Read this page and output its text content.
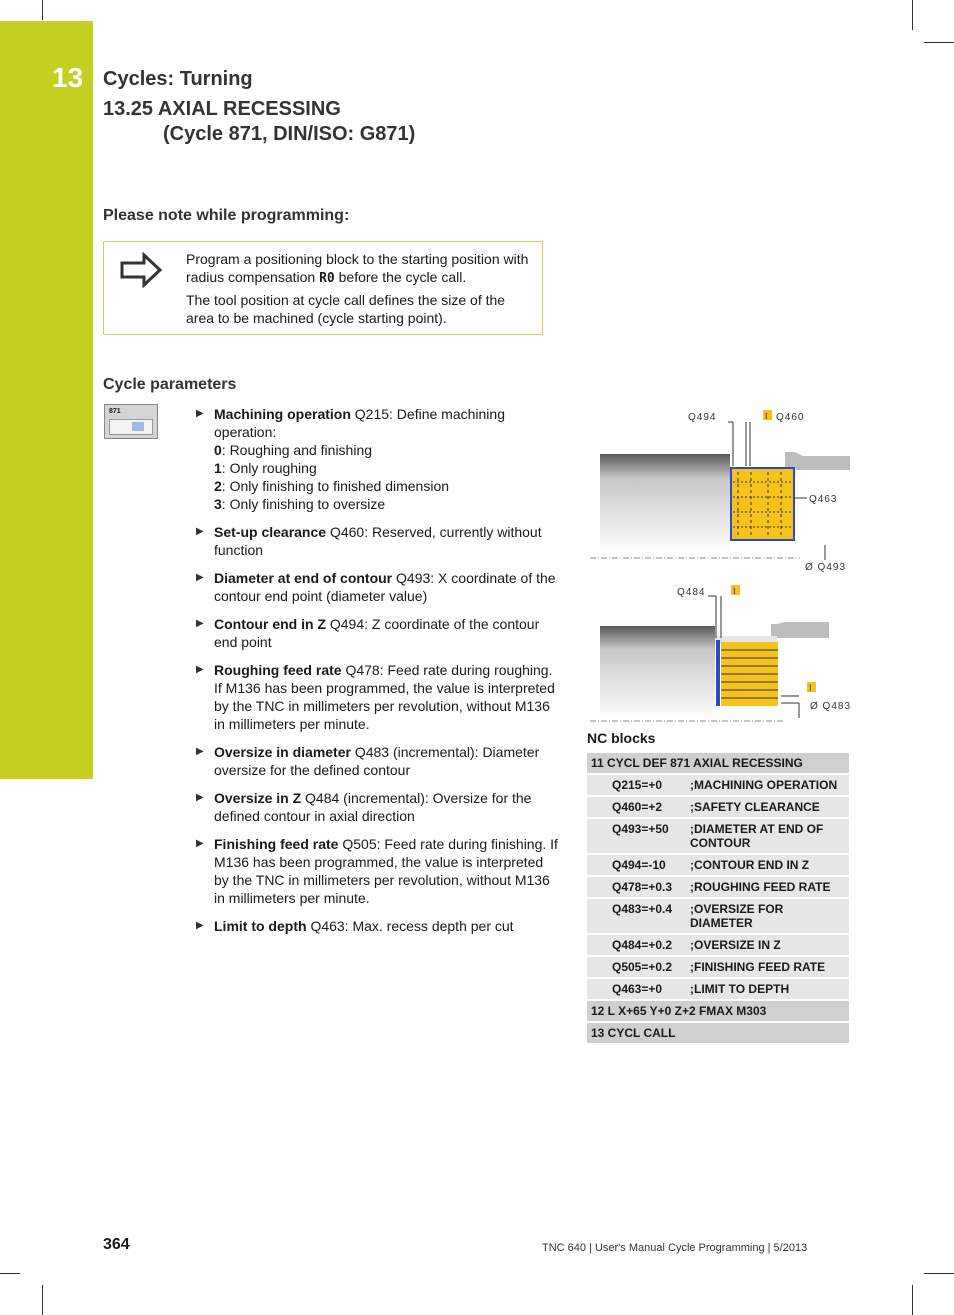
13 Cycles: Turning
13.25 AXIAL RECESSING
(Cycle 871, DIN/ISO: G871)
Please note while programming:

Program a positioning block to the starting position with radius compensation R0 before the cycle call.

The tool position at cycle call defines the size of the area to be machined (cycle starting point).

Cycle parameters
871	▶ Machining operation Q215: Define machining operation:
0: Roughing and finishing
1: Only roughing
2: Only finishing to finished dimension
3: Only finishing to oversize
▶ Set-up clearance Q460: Reserved, currently without function
▶ Diameter at end of contour Q493: X coordinate of the contour end point (diameter value)
▶ Contour end in Z Q494: Z coordinate of the contour end point
▶ Roughing feed rate Q478: Feed rate during roughing. If M136 has been programmed, the value is interpreted by the TNC in millimeters per revolution, without M136 in millimeters per minute.
▶ Oversize in diameter Q483 (incremental): Diameter oversize for the defined contour
▶ Oversize in Z Q484 (incremental): Oversize for the defined contour in axial direction
▶ Finishing feed rate Q505: Feed rate during finishing. If M136 has been programmed, the value is interpreted by the TNC in millimeters per revolution, without M136 in millimeters per minute.
▶ Limit to depth Q463: Max. recess depth per cut
Q494	I Q460
Q463
Ø Q493
Q484	I
I
Ø Q483
NC blocks
11 CYCL DEF 871 AXIAL RECESSING	
Q215=+0	;MACHINING OPERATION
Q460=+2	;SAFETY CLEARANCE
Q493=+50	;DIAMETER AT END OF CONTOUR
Q494=-10	;CONTOUR END IN Z
Q478=+0.3	;ROUGHING FEED RATE
Q483=+0.4	;OVERSIZE FOR DIAMETER
Q484=+0.2	;OVERSIZE IN Z
Q505=+0.2	;FINISHING FEED RATE
Q463=+0	;LIMIT TO DEPTH
12 L X+65 Y+0 Z+2 FMAX M303	
13 CYCL CALL	
364	TNC 640 | User's Manual Cycle Programming | 5/2013
